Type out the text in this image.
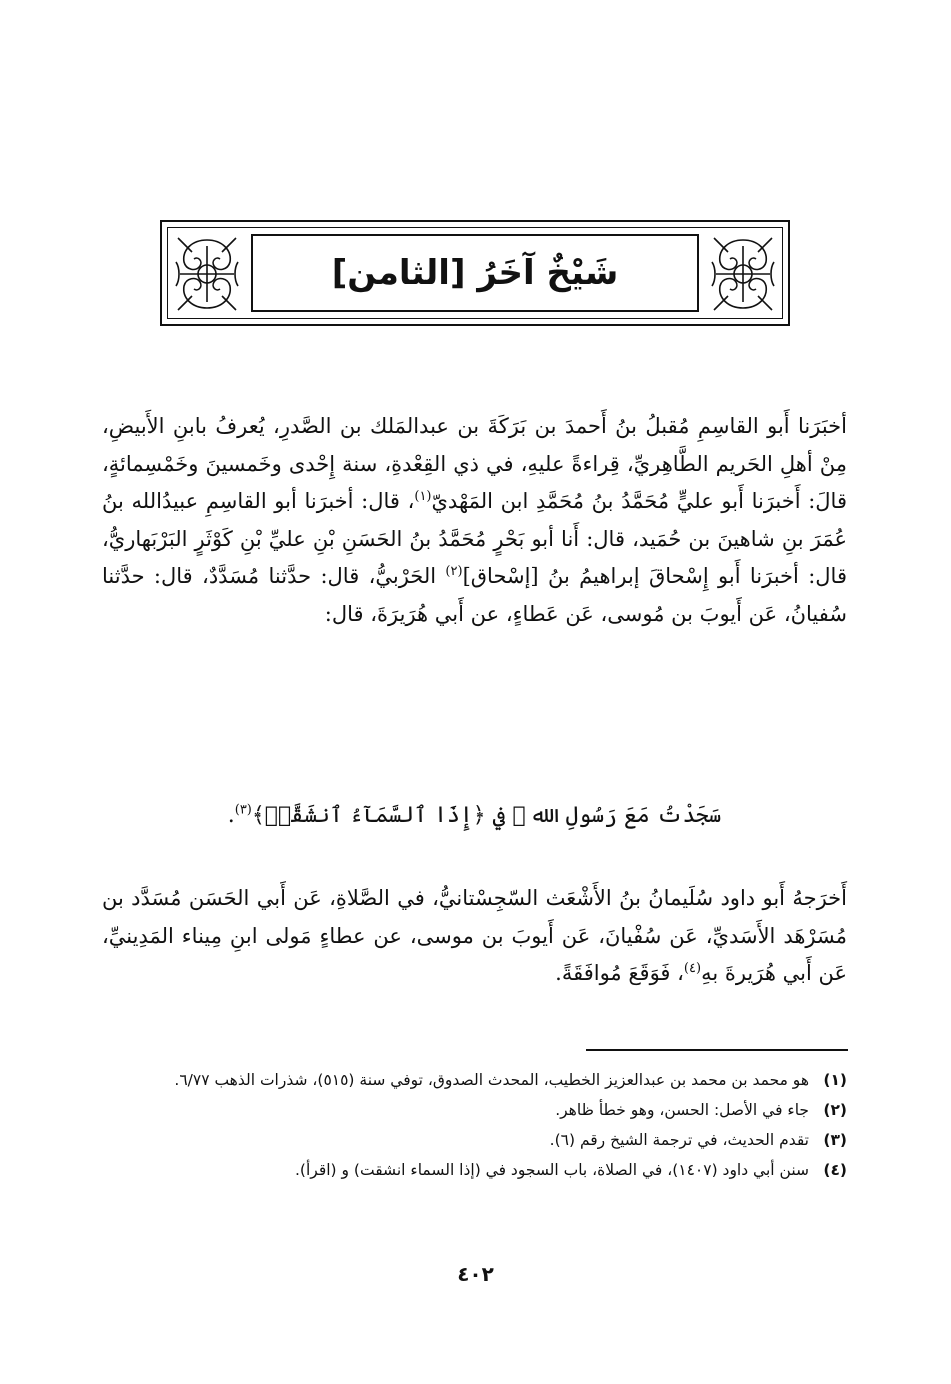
شَيْخٌ آخَرُ [الثامن]
أخبَرَنا أَبو القاسِمِ مُقبلُ بنُ أَحمدَ بن بَرَكَةَ بن عبدالمَلك بن الصَّدرِ، يُعرفُ بابنِ الأَبيضِ، مِنْ أهلِ الحَريم الطَّاهِريِّ، قِراءةً عليهِ، في ذي القِعْدةِ، سنة إِحْدى وخَمسينَ وخَمْسِمائةٍ، قالَ: أَخبرَنا أَبو عليٍّ مُحَمَّدُ بنُ مُحَمَّدِ ابن المَهْديّ$^{(١)}$، قال: أخبرَنا أبو القاسِمِ عبيدُالله بنُ عُمَرَ بنِ شاهينَ بن حُمَيد، قال: أَنا أبو بَحْرٍ مُحَمَّدُ بنُ الحَسَنِ بْنِ عليِّ بْنِ كَوْثَرٍ البَرْبَهاريُّ، قال: أخبرَنا أَبو إِسْحاقَ إبراهيمُ بنُ [إسْحاق]$^{(٢)}$ الحَرْبيُّ، قال: حدَّثنا مُسَدَّدٌ، قال: حدَّثنا سُفيانُ، عَن أَيوبَ بن مُوسى، عَن عَطاءٍ، عن أَبي هُرَيرَةَ، قال:
سَجَدْتُ مَعَ رَسُولِ الله ﷺ في ﴿إِذَا ٱلسَّمَآءُ ٱنشَقَّتۡ﴾$^{(٣)}$.
أَخرَجهُ أَبو داود سُلَيمانُ بنُ الأَشْعَث السّجِسْتانيُّ، في الصَّلاةِ، عَن أَبي الحَسَن مُسَدَّد بن مُسَرْهَد الأَسَديِّ، عَن سُفْيانَ، عَن أَيوبَ بن موسى، عن عطاءٍ مَولى ابنِ مِيناء المَدِينيِّ، عَن أَبي هُرَيرةَ بهِ$^{(٤)}$، فَوَقَعَ مُوافَقَةً.
(١)
هو محمد بن محمد بن عبدالعزيز الخطيب، المحدث الصدوق، توفي سنة (٥١٥)، شذرات الذهب ٦/٧٧.
(٢)
جاء في الأصل: الحسن، وهو خطأ ظاهر.
(٣)
تقدم الحديث، في ترجمة الشيخ رقم (٦).
(٤)
سنن أبي داود (١٤٠٧)، في الصلاة، باب السجود في (إذا السماء انشقت) و (اقرأ).
٤٠٢
